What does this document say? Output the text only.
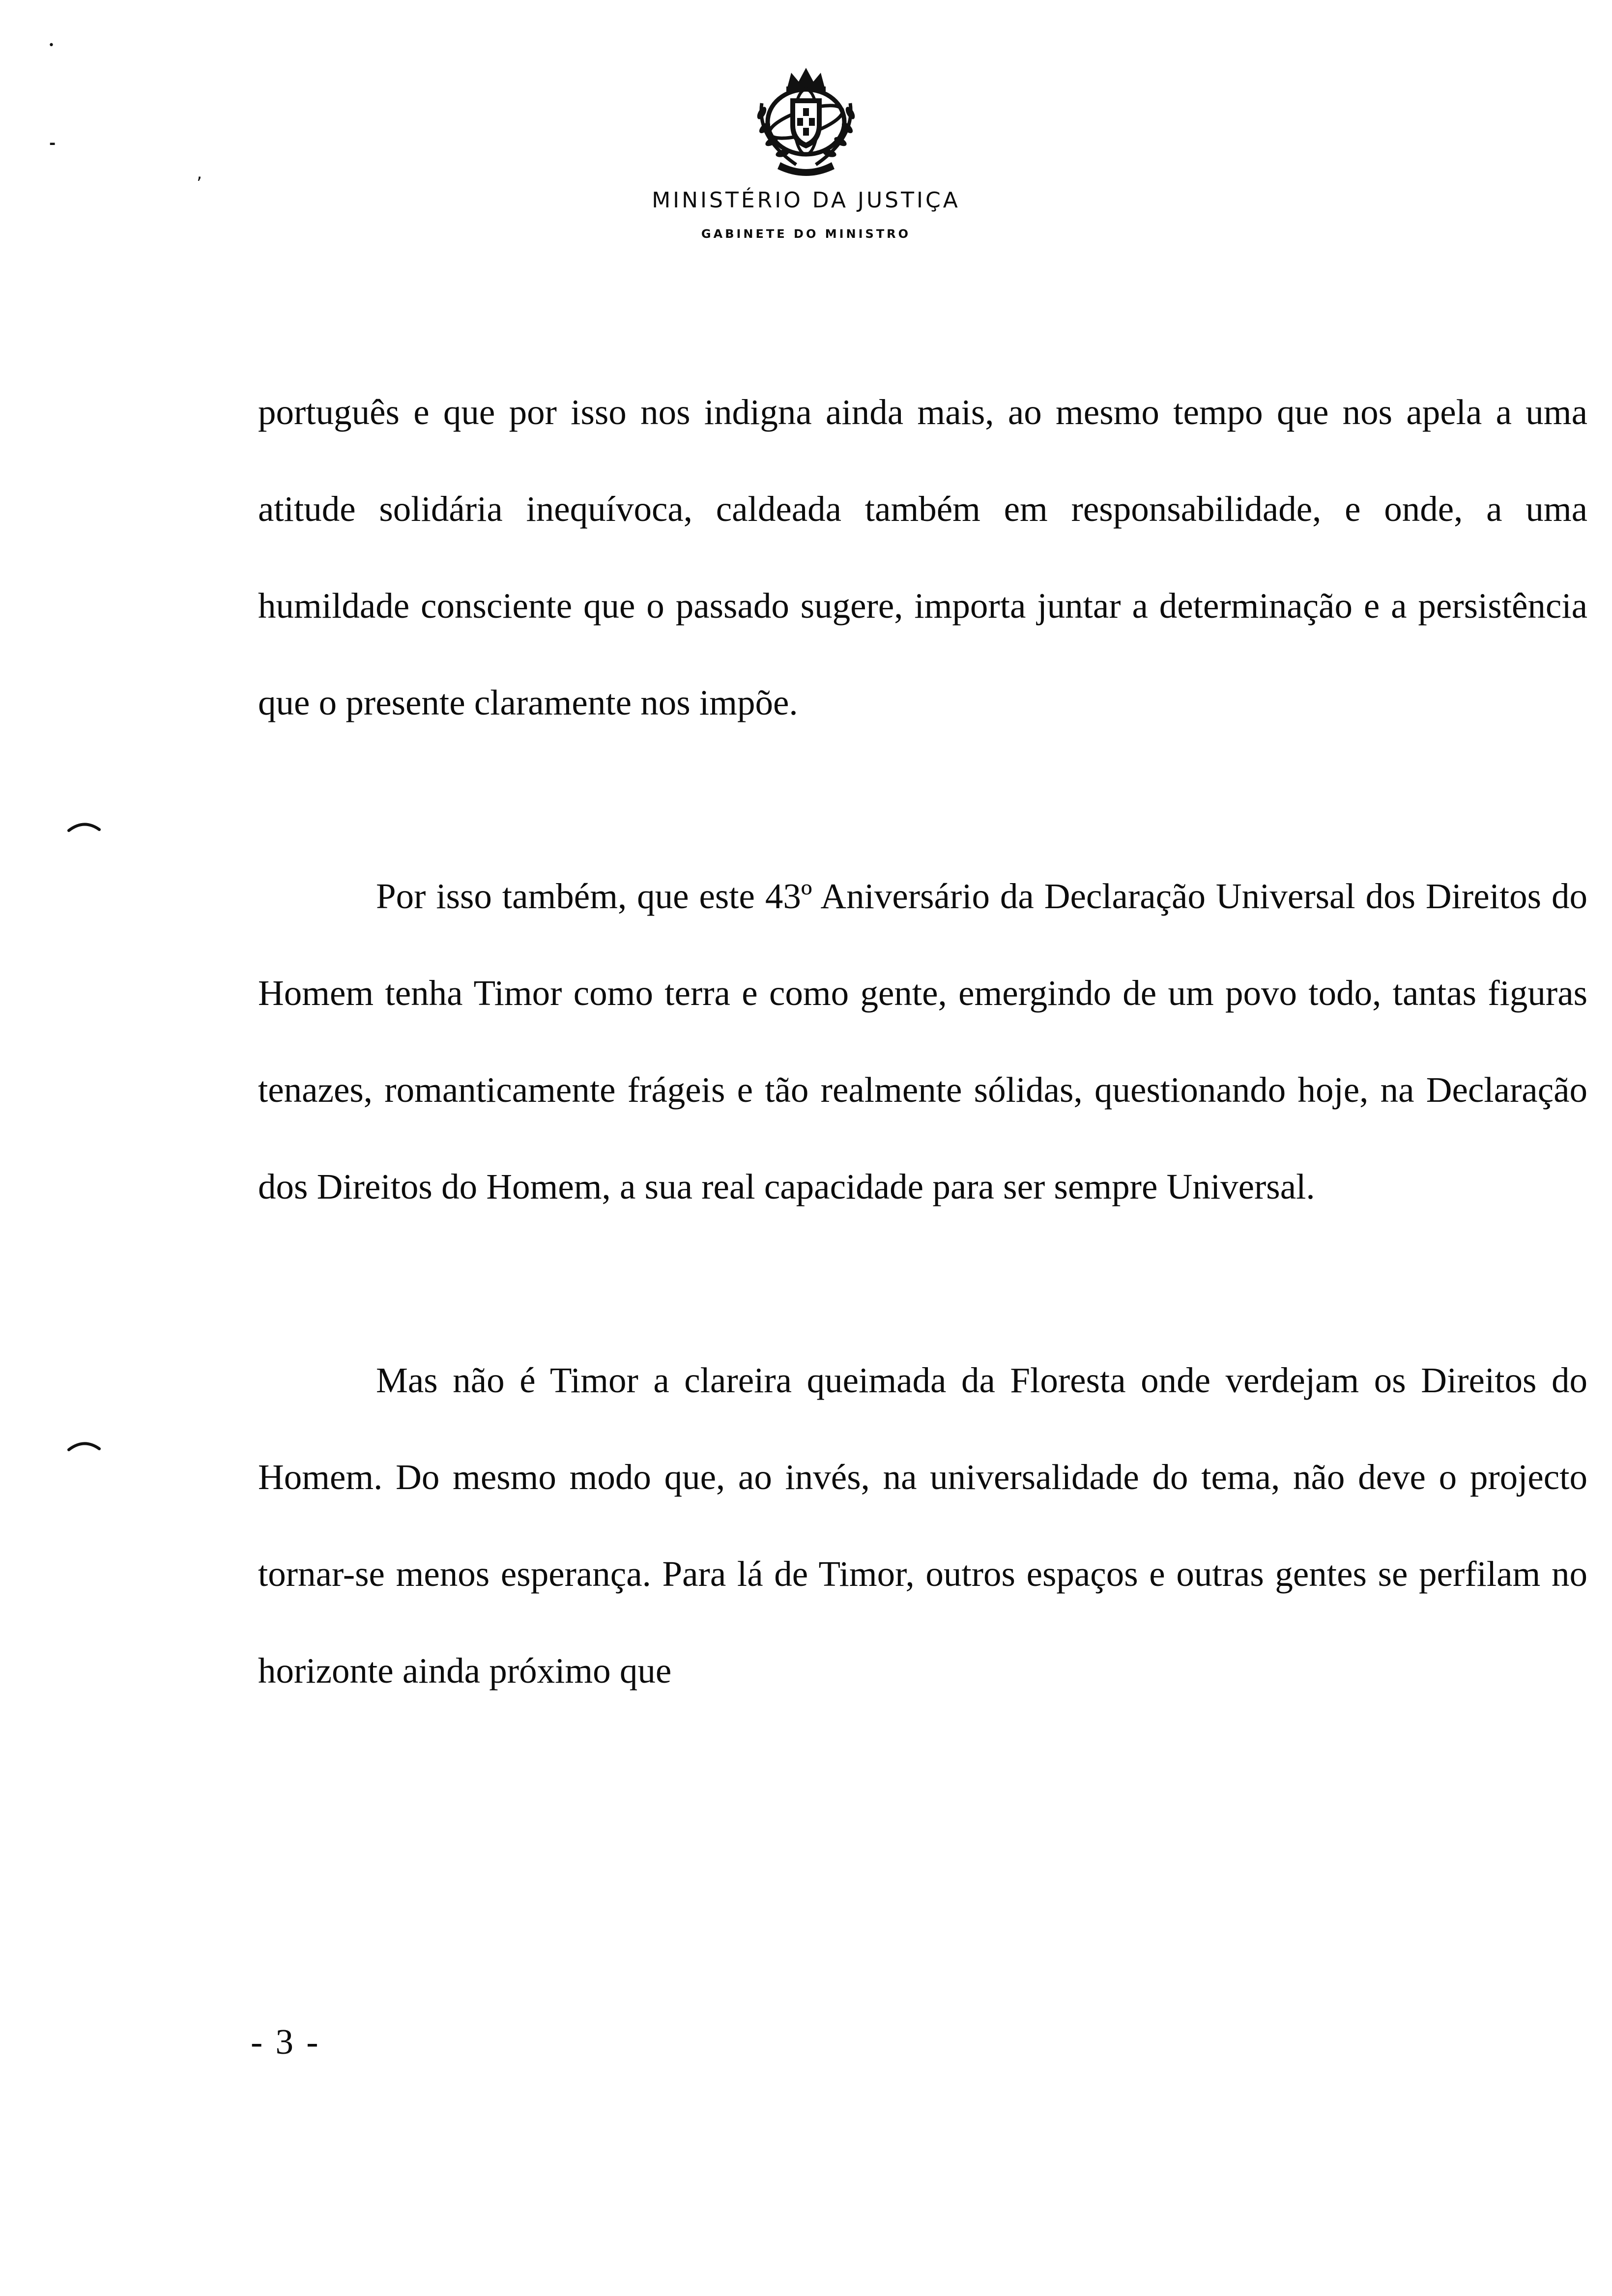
•
-
,
MINISTÉRIO DA JUSTIÇA
GABINETE DO MINISTRO

português e que por isso nos indigna ainda mais, ao mesmo tempo que nos apela a uma atitude solidária inequívoca, caldeada também em responsabilidade, e onde, a uma humildade consciente que o passado sugere, importa juntar a determinação e a persistência que o presente claramente nos impõe.

Por isso também, que este 43º Aniversário da Declaração Universal dos Direitos do Homem tenha Timor como terra e como gente, emergindo de um povo todo, tantas figuras tenazes, romanticamente frágeis e tão realmente sólidas, questionando hoje, na Declaração dos Direitos do Homem, a sua real capacidade para ser sempre Universal.

Mas não é Timor a clareira queimada da Floresta onde verdejam os Direitos do Homem. Do mesmo modo que, ao invés, na universalidade do tema, não deve o projecto tornar-se menos esperança. Para lá de Timor, outros espaços e outras gentes se perfilam no horizonte ainda próximo que

- 3 -
